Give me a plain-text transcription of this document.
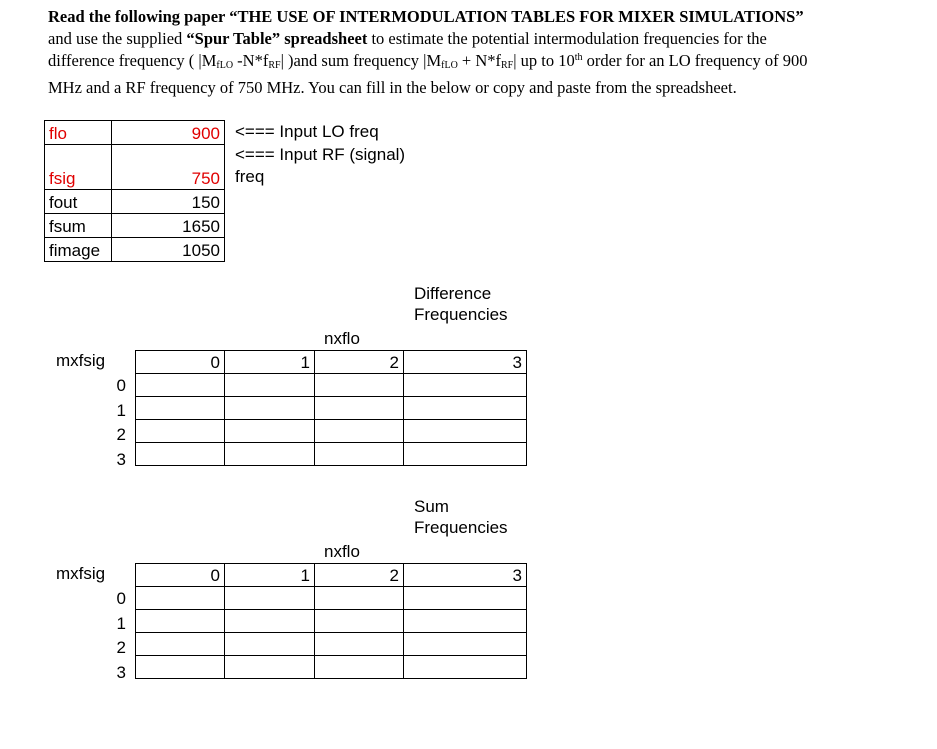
Read the following paper “THE USE OF INTERMODULATION TABLES FOR MIXER SIMULATIONS”
and use the supplied “Spur Table” spreadsheet to estimate the potential intermodulation frequencies for the
difference frequency ( $|M_{fLO}$ $-N*f_{RF}|$ )and sum frequency $|M_{fLO} + N*f_{RF}|$ up to 10th order for an LO frequency of 900
MHz and a RF frequency of 750 MHz. You can fill in the below or copy and paste from the spreadsheet.
flo	900
fsig	750
fout	150
fsum	1650
fimage	1050
<=== Input LO freq
<=== Input RF (signal)
freq
Difference
Frequencies
nxflo
mxfsig	0	1	2	3

0
1
2
3
Sum
Frequencies
nxflo
mxfsig	0	1	2	3

0
1
2
3
